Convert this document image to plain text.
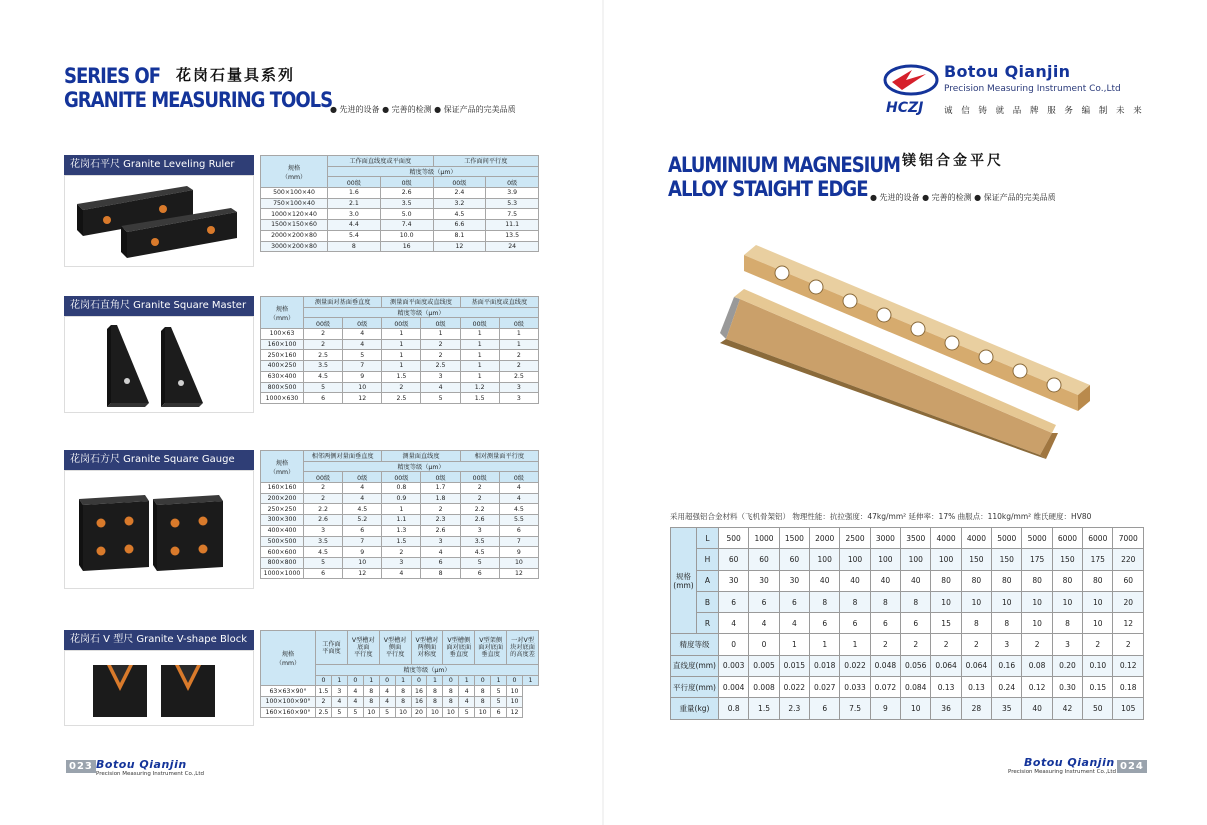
SERIES OF
GRANITE MEASURING TOOLS
花岗石量具系列
● 先进的设备 ● 完善的检测 ● 保证产品的完美品质
花岗石平尺 Granite Leveling Ruler	规格
（mm）	工作面直线度或平面度		工作面间平行度	
	精度等级（μm）			
	00级	0级	00级	0级
500×100×40	1.6	2.6	2.4	3.9
750×100×40	2.1	3.5	3.2	5.3
1000×120×40	3.0	5.0	4.5	7.5
1500×150×60	4.4	7.4	6.6	11.1
2000×200×80	5.4	10.0	8.1	13.5
3000×200×80	8	16	12	24
花岗石直角尺 Granite Square Master	规格
（mm）	测量面对基面垂直度		测量面平面度或直线度		基面平面度或直线度	
	精度等级（μm）					
	00级	0级	00级	0级	00级	0级
100×63	2	4	1	1	1	1
160×100	2	4	1	2	1	1
250×160	2.5	5	1	2	1	2
400×250	3.5	7	1	2.5	1	2
630×400	4.5	9	1.5	3	1	2.5
800×500	5	10	2	4	1.2	3
1000×630	6	12	2.5	5	1.5	3
花岗石方尺 Granite Square Gauge	规格
（mm）	相邻两侧对量面垂直度		测量面直线度		相对测量面平行度	
	精度等级（μm）					
	00级	0级	00级	0级	00级	0级
160×160	2	4	0.8	1.7	2	4
200×200	2	4	0.9	1.8	2	4
250×250	2.2	4.5	1	2	2.2	4.5
300×300	2.6	5.2	1.1	2.3	2.6	5.5
400×400	3	6	1.3	2.6	3	6
500×500	3.5	7	1.5	3	3.5	7
600×600	4.5	9	2	4	4.5	9
800×800	5	10	3	6	5	10
1000×1000	6	12	4	8	6	12
花岗石 V 型尺 Granite V-shape Block
规格
（mm）	工作面
平面度		V型槽对
底面
平行度		V型槽对
侧面
平行度		V型槽对
两侧面
对称度		V型槽侧
面对底面
垂直度		V型架侧
面对底面
垂直度		一对V型
块对底面
的高度差	
	精度等级（μm）													
	0	1	0	1	0	1	0	1	0	1	0	1	0	1
63×63×90°	1.5	3	4	8	4	8	16	8	8	4	8	5	10	
100×100×90°	2	4	4	8	4	8	16	8	8	4	8	5	10	
160×160×90°	2.5	5	5	10	5	10	20	10	10	5	10	6	12	
023 Botou Qianjin
Precision Measuring Instrument Co.,Ltd
HCZJ
Botou Qianjin
Precision Measuring Instrument Co.,Ltd
诚 信 铸 就 品 牌 服 务 编 制 未 来
ALUMINIUM MAGNESIUM
ALLOY STAIGHT EDGE
镁铝合金平尺
● 先进的设备 ● 完善的检测 ● 保证产品的完美品质
采用超强铝合金材料（飞机骨架铝） 物理性能：抗拉强度：47kg/mm² 延伸率：17% 曲服点：110kg/mm² 维氏硬度：HV80
规格
(mm)	L	500	1000	1500	2000	2500	3000	3500	4000	4000	5000	5000	6000	6000	7000
	H	60	60	60	100	100	100	100	100	150	150	175	150	175	220
	A	30	30	30	40	40	40	40	80	80	80	80	80	80	60
	B	6	6	6	8	8	8	8	10	10	10	10	10	10	20
	R	4	4	4	6	6	6	6	15	8	8	10	8	10	12
精度等级		0	0	1	1	1	2	2	2	2	3	2	3	2	2
直线度(mm)		0.003	0.005	0.015	0.018	0.022	0.048	0.056	0.064	0.064	0.16	0.08	0.20	0.10	0.12
平行度(mm)		0.004	0.008	0.022	0.027	0.033	0.072	0.084	0.13	0.13	0.24	0.12	0.30	0.15	0.18
重量(kg)		0.8	1.5	2.3	6	7.5	9	10	36	28	35	40	42	50	105
Botou Qianjin
Precision Measuring Instrument Co.,Ltd 024
